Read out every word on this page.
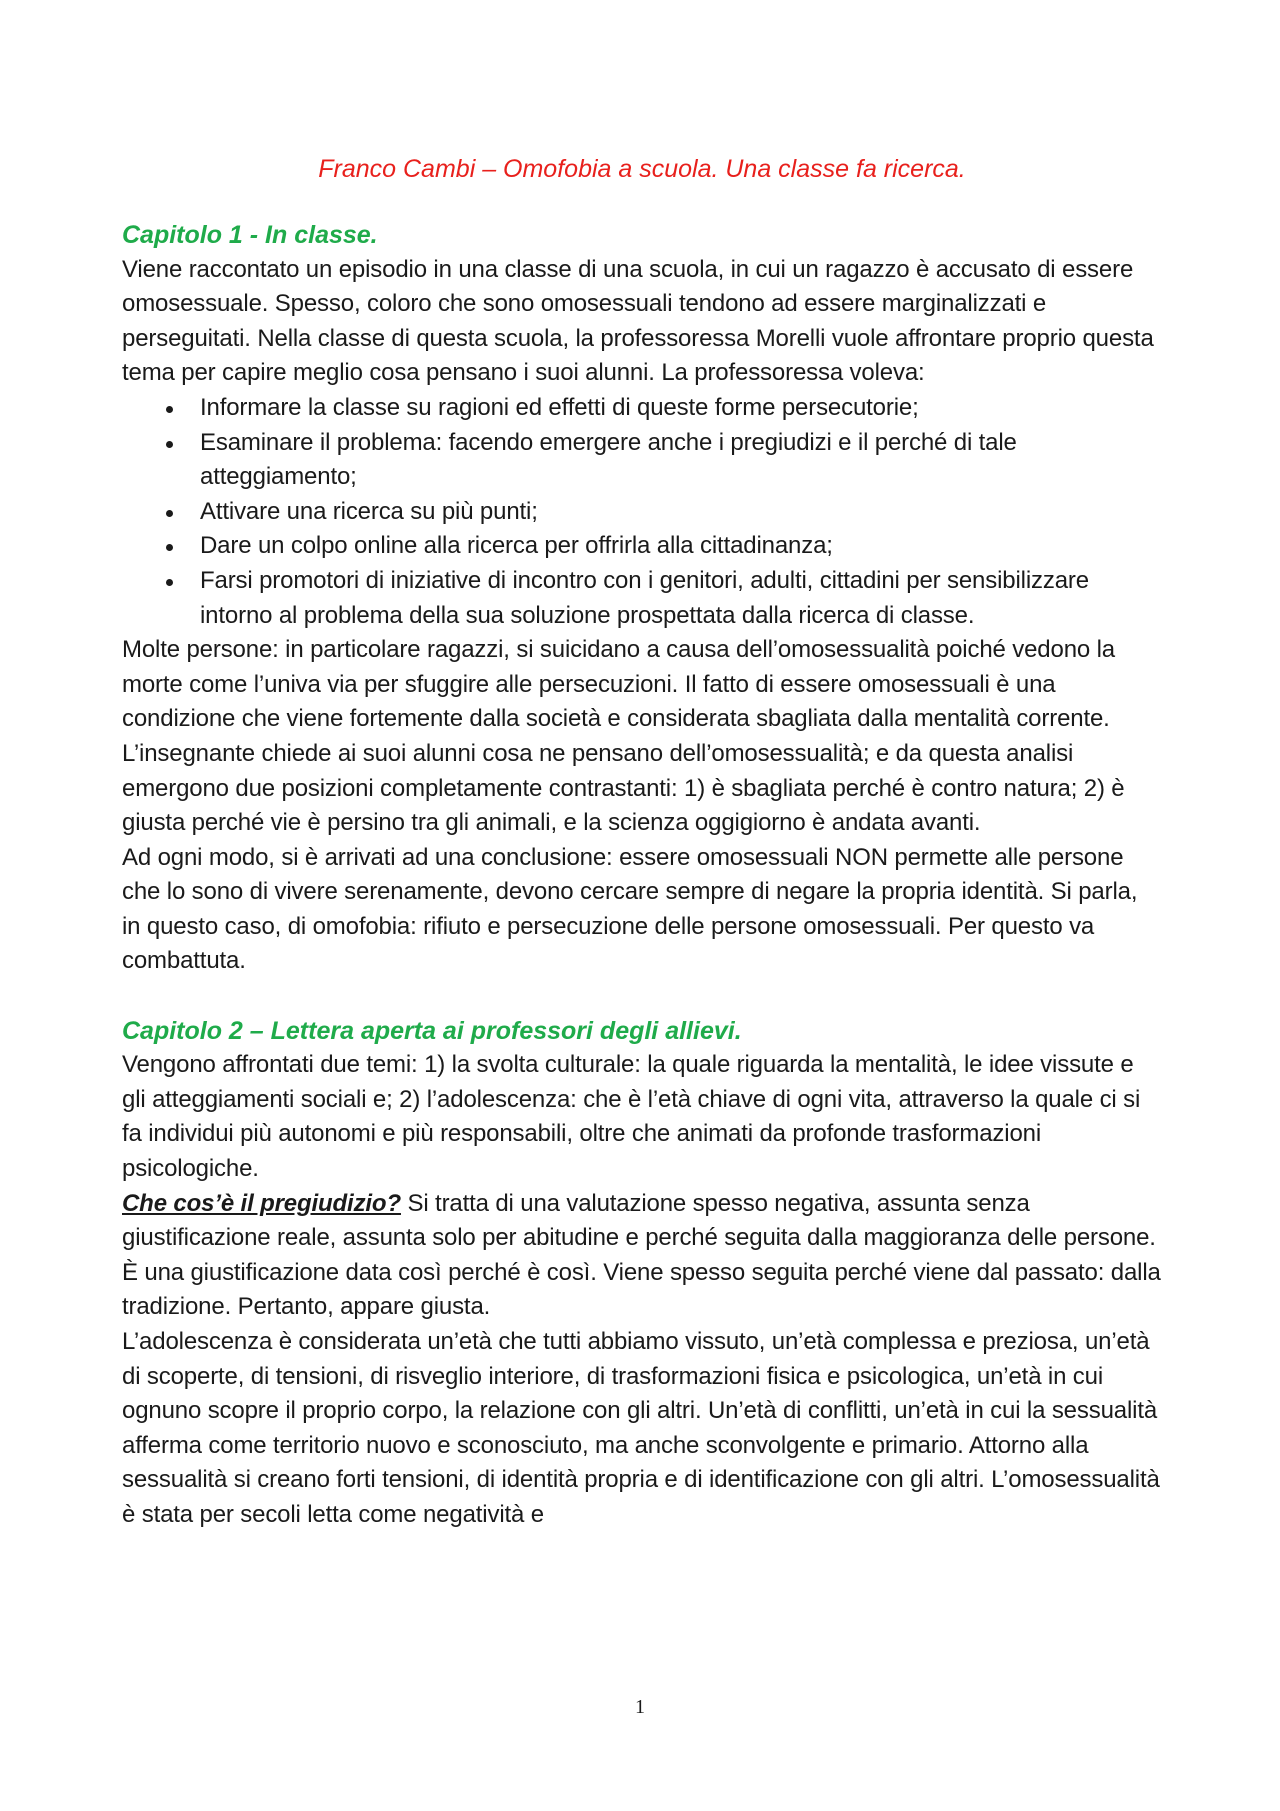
Franco Cambi – Omofobia a scuola. Una classe fa ricerca.
Capitolo 1 - In classe.

Viene raccontato un episodio in una classe di una scuola, in cui un ragazzo è accusato di essere omosessuale. Spesso, coloro che sono omosessuali tendono ad essere marginalizzati e perseguitati. Nella classe di questa scuola, la professoressa Morelli vuole affrontare proprio questa tema per capire meglio cosa pensano i suoi alunni. La professoressa voleva:

Informare la classe su ragioni ed effetti di queste forme persecutorie;
Esaminare il problema: facendo emergere anche i pregiudizi e il perché di tale atteggiamento;
Attivare una ricerca su più punti;
Dare un colpo online alla ricerca per offrirla alla cittadinanza;
Farsi promotori di iniziative di incontro con i genitori, adulti, cittadini per sensibilizzare intorno al problema della sua soluzione prospettata dalla ricerca di classe.

Molte persone: in particolare ragazzi, si suicidano a causa dell’omosessualità poiché vedono la morte come l’univa via per sfuggire alle persecuzioni. Il fatto di essere omosessuali è una condizione che viene fortemente dalla società e considerata sbagliata dalla mentalità corrente. L’insegnante chiede ai suoi alunni cosa ne pensano dell’omosessualità; e da questa analisi emergono due posizioni completamente contrastanti: 1) è sbagliata perché è contro natura; 2) è giusta perché vie è persino tra gli animali, e la scienza oggigiorno è andata avanti.

Ad ogni modo, si è arrivati ad una conclusione: essere omosessuali NON permette alle persone che lo sono di vivere serenamente, devono cercare sempre di negare la propria identità. Si parla, in questo caso, di omofobia: rifiuto e persecuzione delle persone omosessuali. Per questo va combattuta.

Capitolo 2 – Lettera aperta ai professori degli allievi.

Vengono affrontati due temi: 1) la svolta culturale: la quale riguarda la mentalità, le idee vissute e gli atteggiamenti sociali e; 2) l’adolescenza: che è l’età chiave di ogni vita, attraverso la quale ci si fa individui più autonomi e più responsabili, oltre che animati da profonde trasformazioni psicologiche.

Che cos’è il pregiudizio? Si tratta di una valutazione spesso negativa, assunta senza giustificazione reale, assunta solo per abitudine e perché seguita dalla maggioranza delle persone. È una giustificazione data così perché è così. Viene spesso seguita perché viene dal passato: dalla tradizione. Pertanto, appare giusta.

L’adolescenza è considerata un’età che tutti abbiamo vissuto, un’età complessa e preziosa, un’età di scoperte, di tensioni, di risveglio interiore, di trasformazioni fisica e psicologica, un’età in cui ognuno scopre il proprio corpo, la relazione con gli altri. Un’età di conflitti, un’età in cui la sessualità afferma come territorio nuovo e sconosciuto, ma anche sconvolgente e primario. Attorno alla sessualità si creano forti tensioni, di identità propria e di identificazione con gli altri. L’omosessualità è stata per secoli letta come negatività e

1
